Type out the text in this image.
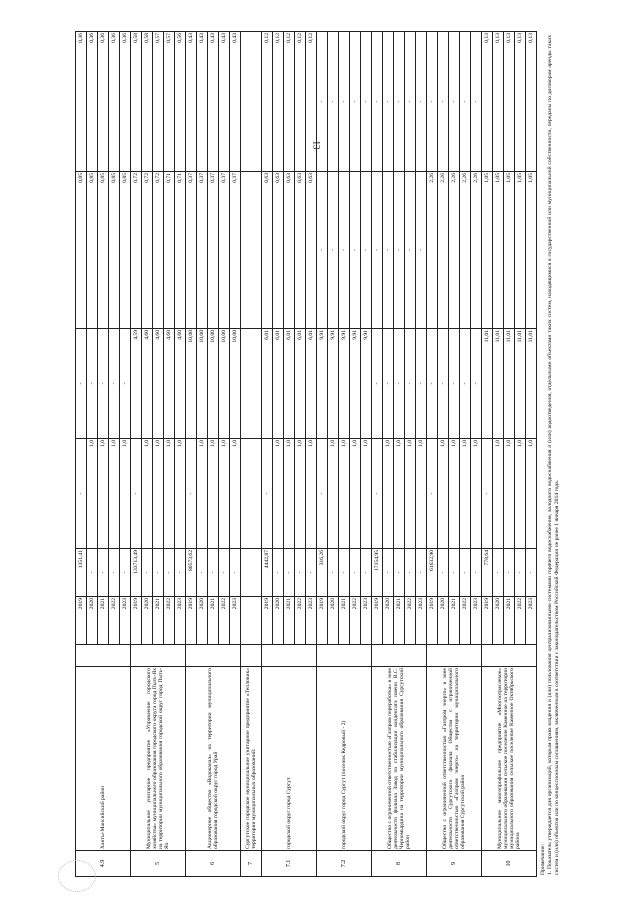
13
4.9	Ханты-Мансийский район		2019	1351,41	-	-	0,85	0,36
			2020	-	1,0	-	0,85	0,36
			2021	-	1,0	-	0,85	0,36
			2022	-	1,0	-	0,85	0,36
			2023	-	1,0	-	0,85	0,36
5	Муниципальное унитарное предприятие «Управление городского хозяйства» муниципального образования городского округа город Пыть-Ях на территории муниципального образования городской округ город Пыть-Ях		2019	133713,49	-	4,59	0,72	0,58
			2020	-	1,0	4,60	0,72	0,58
			2021	-	1,0	4,60	0,72	0,57
			2022	-	1,0	4,60	0,71	0,57
			2023	-	1,0	4,60	0,71	0,56
6	Акционерное общество «Водоканал» на территории муниципального образования городской округ город Урай		2019	80573,62	-	10,00	0,37	0,43
			2020	-	1,0	10,00	0,37	0,43
			2021	-	1,0	10,00	0,37	0,43
			2022	-	1,0	10,00	0,37	0,43
			2023	-	1,0	10,00	0,37	0,43
7	Сургутское городское муниципальное унитарное предприятие «Тепловик» территории муниципальных образований:							
7.1	городской округ город Сургут		2019	4442,87	-	6,01	0,63	0,12
			2020	-	1,0	6,01	0,63	0,12
			2021	-	1,0	6,01	0,63	0,12
			2022	-	1,0	6,01	0,63	0,12
			2023	-	1,0	6,01	0,63	0,12
7.2	городской округ город Сургут (поселок Кедровый - 2)		2019	316,26	-	9,91	-	-
			2020	-	1,0	9,91	-	-
			2021	-	1,0	9,91	-	-
			2022	-	1,0	9,91	-	-
			2023	-	1,0	9,91	-	-
8	Общество с ограниченной ответственностью «Газпром переработка» в зоне деятельности филиала Завод по стабилизации конденсата имени В.С. Черномырдина на территории муниципального образования Сургутский район		2019	17154,95	-	-	-	-
			2020	-	1,0	-	-	-
			2021	-	1,0	-	-	-
			2022	-	1,0	-	-	-
			2023	-	1,0	-	-	-
9	Общество с ограниченной ответственностью «Газпром энерго» в зоне деятельности Сургутского филиала Общества с ограниченной ответственностью «Газпром энерго» на территории муниципального образования Сургутский район		2019	61632,90	-	-	2,26	-
			2020	-	1,0	-	2,26	-
			2021	-	1,0	-	2,26	-
			2022	-	1,0	-	2,26	-
			2023	-	1,0	-	2,26	-
10	Муниципальное многопрофильное предприятие «Многоотраслевое» муниципального образования сельское поселение Каменное на территории муниципального образования сельское поселение Каменное Октябрьского района		2019	778,64	-	11,01	1,05	0,13
			2020	-	1,0	11,01	1,05	0,13
			2021	-	1,0	11,01	1,05	0,13
			2022	-	1,0	11,01	1,05	0,13
			2023	-	1,0	11,01	1,05	0,13
Примечание: 1. Показатель утверждается для организаций, которым права владения и (или) пользования централизованными системами горячего водоснабжения, холодного водоснабжения и (или) водоотведения, отдельными объектами таких систем, находящимися в государственной или муниципальной собственности, переданы по договорам аренды таких систем и (или) объектов или по концессионным соглашениям, заключенным в соответствии с законодательством Российской Федерации не ранее 1 января 2014 года.
